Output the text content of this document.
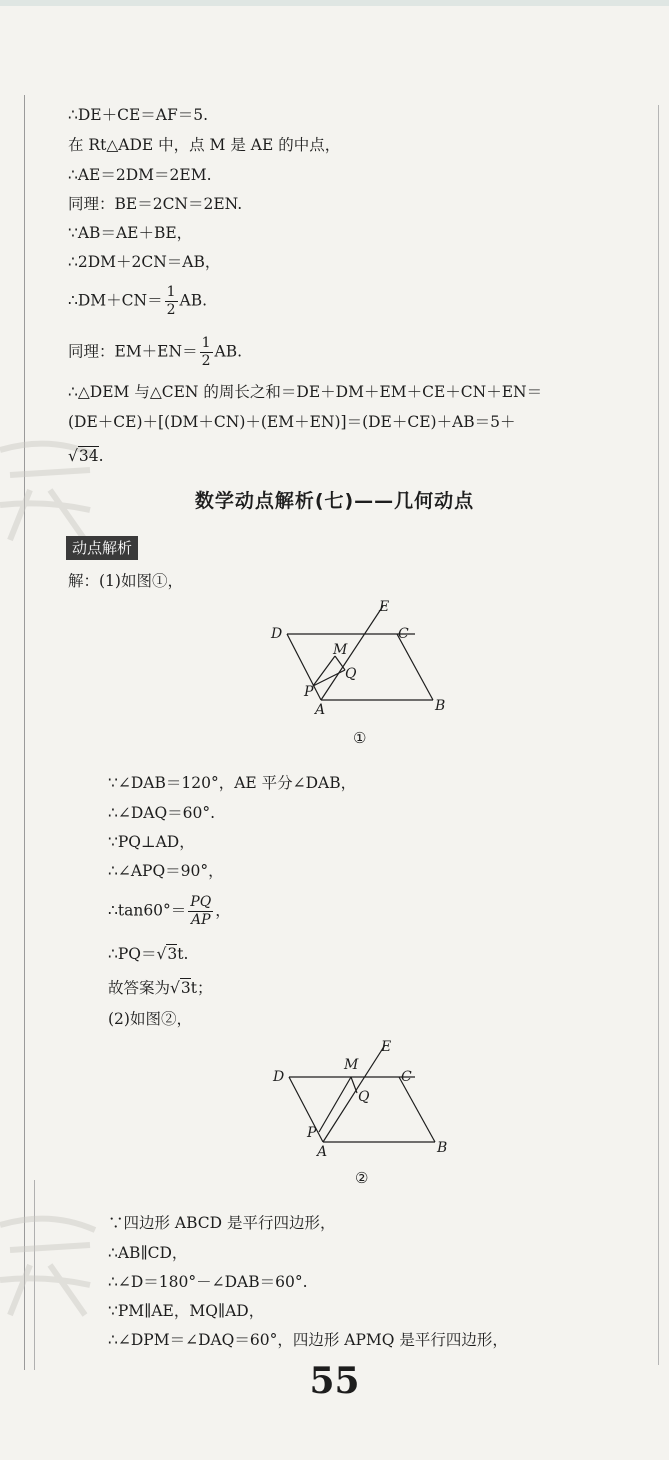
∴DE＋CE＝AF＝5.
在 Rt△ADE 中，点 M 是 AE 的中点，
∴AE＝2DM＝2EM.
同理：BE＝2CN＝2EN.
∵AB＝AE＋BE，
∴2DM＋2CN＝AB，
∴DM＋CN＝ $\frac{1}{2}$ AB.
同理：$EM+EN= \frac{1}{2}$ AB.
∴△DEM 与△CEN 的周长之和＝DE＋DM＋EM＋CE＋CN＋EN＝
(DE＋CE)＋[(DM＋CN)＋(EM＋EN)]＝(DE＋CE)＋AB＝5＋
√34.
数学动点解析(七)——几何动点
动点解析
解：(1)如图①，
D	C
A	B
E
M
Q
P
①
∵∠DAB＝120°，AE 平分∠DAB，
∴∠DAQ＝60°.
∵PQ⊥AD，
∴∠APQ＝90°，
∴tan60°＝ $\frac{PQ}{AP}$ ，
∴PQ＝√3t.
故答案为√3t；
(2)如图②，
D	C
A	B
E
M
Q
P
②
∵四边形 ABCD 是平行四边形，
∴AB∥CD，
∴∠D＝180°－∠DAB＝60°.
∵PM∥AE，MQ∥AD，
∴∠DPM＝∠DAQ＝60°，四边形 APMQ 是平行四边形，
55
